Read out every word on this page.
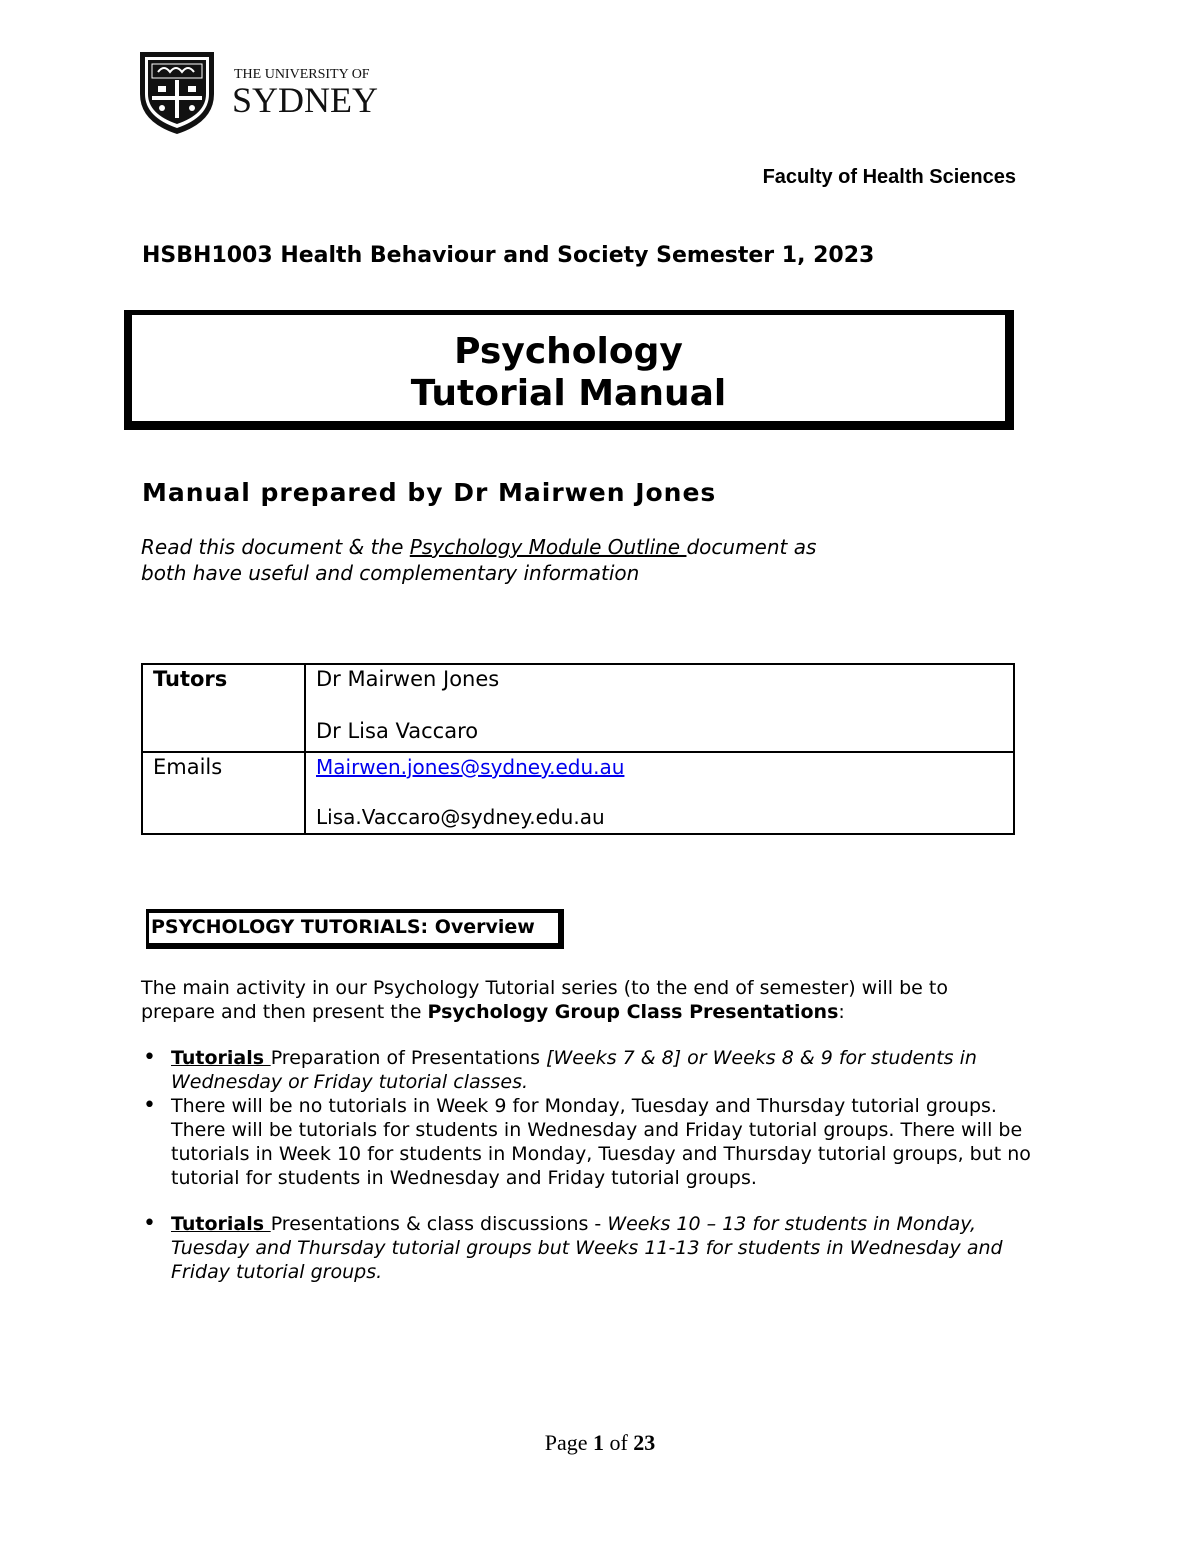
THE UNIVERSITY OF
SYDNEY
Faculty of Health Sciences
HSBH1003 Health Behaviour and Society Semester 1, 2023
Psychology
Tutorial Manual
Manual prepared by Dr Mairwen Jones
Read this document & the Psychology Module Outline document as
both have useful and complementary information
Tutors	Dr Mairwen Jones
Dr Lisa Vaccaro

Emails	Mairwen.jones@sydney.edu.au
Lisa.Vaccaro@sydney.edu.au
PSYCHOLOGY TUTORIALS: Overview
The main activity in our Psychology Tutorial series (to the end of semester) will be to prepare and then present the Psychology Group Class Presentations:
• Tutorials Preparation of Presentations [Weeks 7 & 8] or Weeks 8 & 9 for students in Wednesday or Friday tutorial classes.
• There will be no tutorials in Week 9 for Monday, Tuesday and Thursday tutorial groups. There will be tutorials for students in Wednesday and Friday tutorial groups. There will be tutorials in Week 10 for students in Monday, Tuesday and Thursday tutorial groups, but no tutorial for students in Wednesday and Friday tutorial groups.
• Tutorials Presentations & class discussions - Weeks 10 – 13 for students in Monday, Tuesday and Thursday tutorial groups but Weeks 11-13 for students in Wednesday and Friday tutorial groups.
Page 1 of 23
